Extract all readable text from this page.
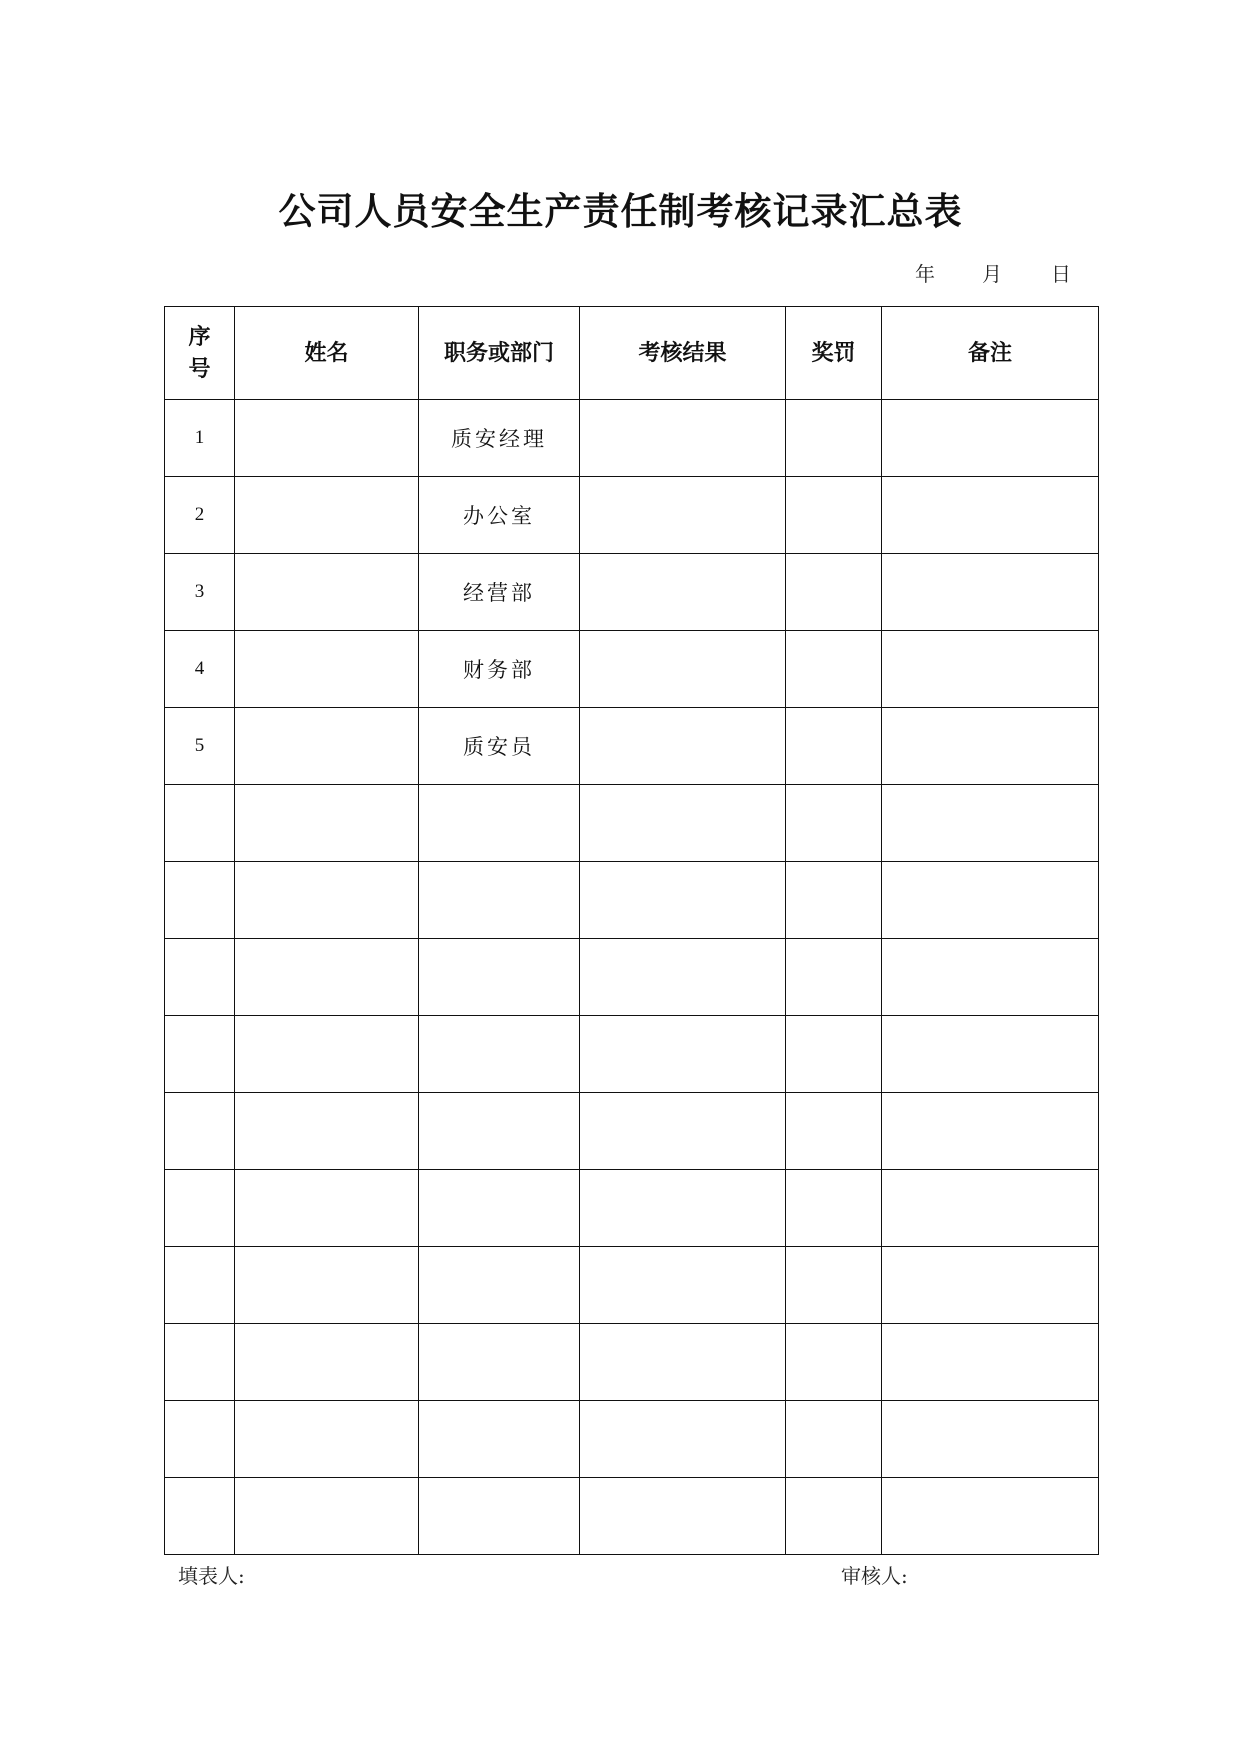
公司人员安全生产责任制考核记录汇总表
年 月 日
序
号	姓名	职务或部门	考核结果	奖罚	备注
1		质安经理			
2		办公室			
3		经营部			
4		财务部			
5		质安员			

填表人:	审核人:
